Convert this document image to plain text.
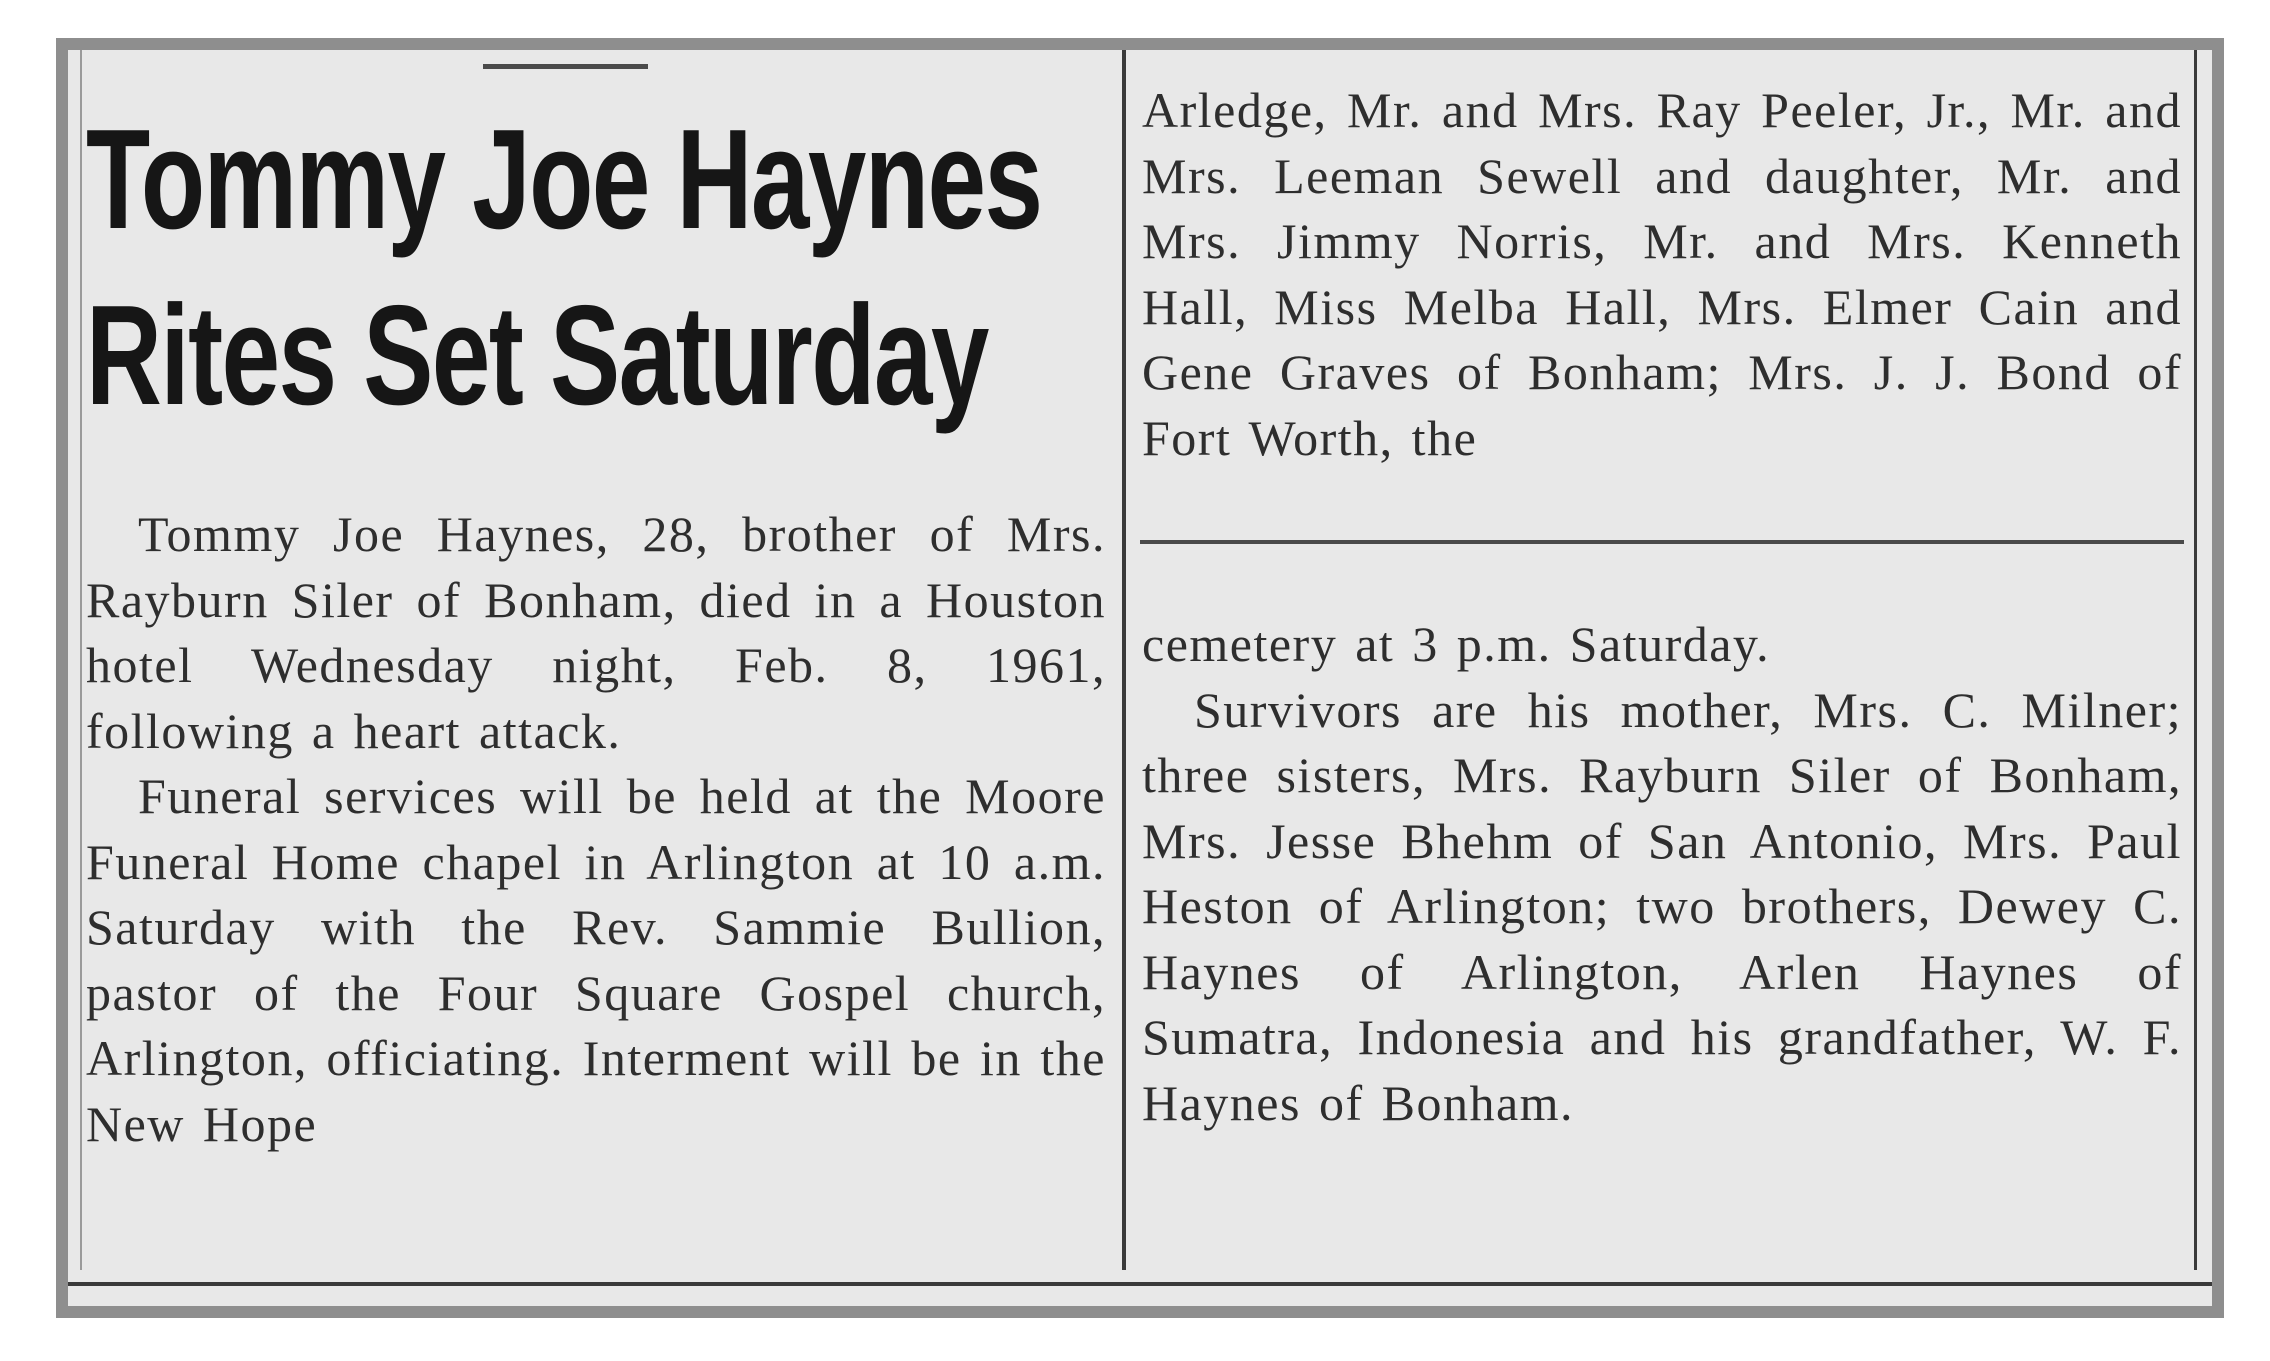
Tommy Joe Haynes
Rites Set Saturday

Tommy Joe Haynes, 28, brother of Mrs. Rayburn Siler of Bonham, died in a Houston hotel Wednesday night, Feb. 8, 1961, following a heart attack.

Funeral services will be held at the Moore Funeral Home chapel in Arlington at 10 a.m. Saturday with the Rev. Sammie Bullion, pastor of the Four Square Gospel church, Arlington, officiating. Interment will be in the New Hope

Arledge, Mr. and Mrs. Ray Peeler, Jr., Mr. and Mrs. Leeman Sewell and daughter, Mr. and Mrs. Jimmy Norris, Mr. and Mrs. Kenneth Hall, Miss Melba Hall, Mrs. Elmer Cain and Gene Graves of Bonham; Mrs. J. J. Bond of Fort Worth, the

cemetery at 3 p.m. Saturday.

Survivors are his mother, Mrs. C. Milner; three sisters, Mrs. Rayburn Siler of Bonham, Mrs. Jesse Bhehm of San Antonio, Mrs. Paul Heston of Arlington; two brothers, Dewey C. Haynes of Arlington, Arlen Haynes of Sumatra, Indonesia and his grandfather, W. F. Haynes of Bonham.
